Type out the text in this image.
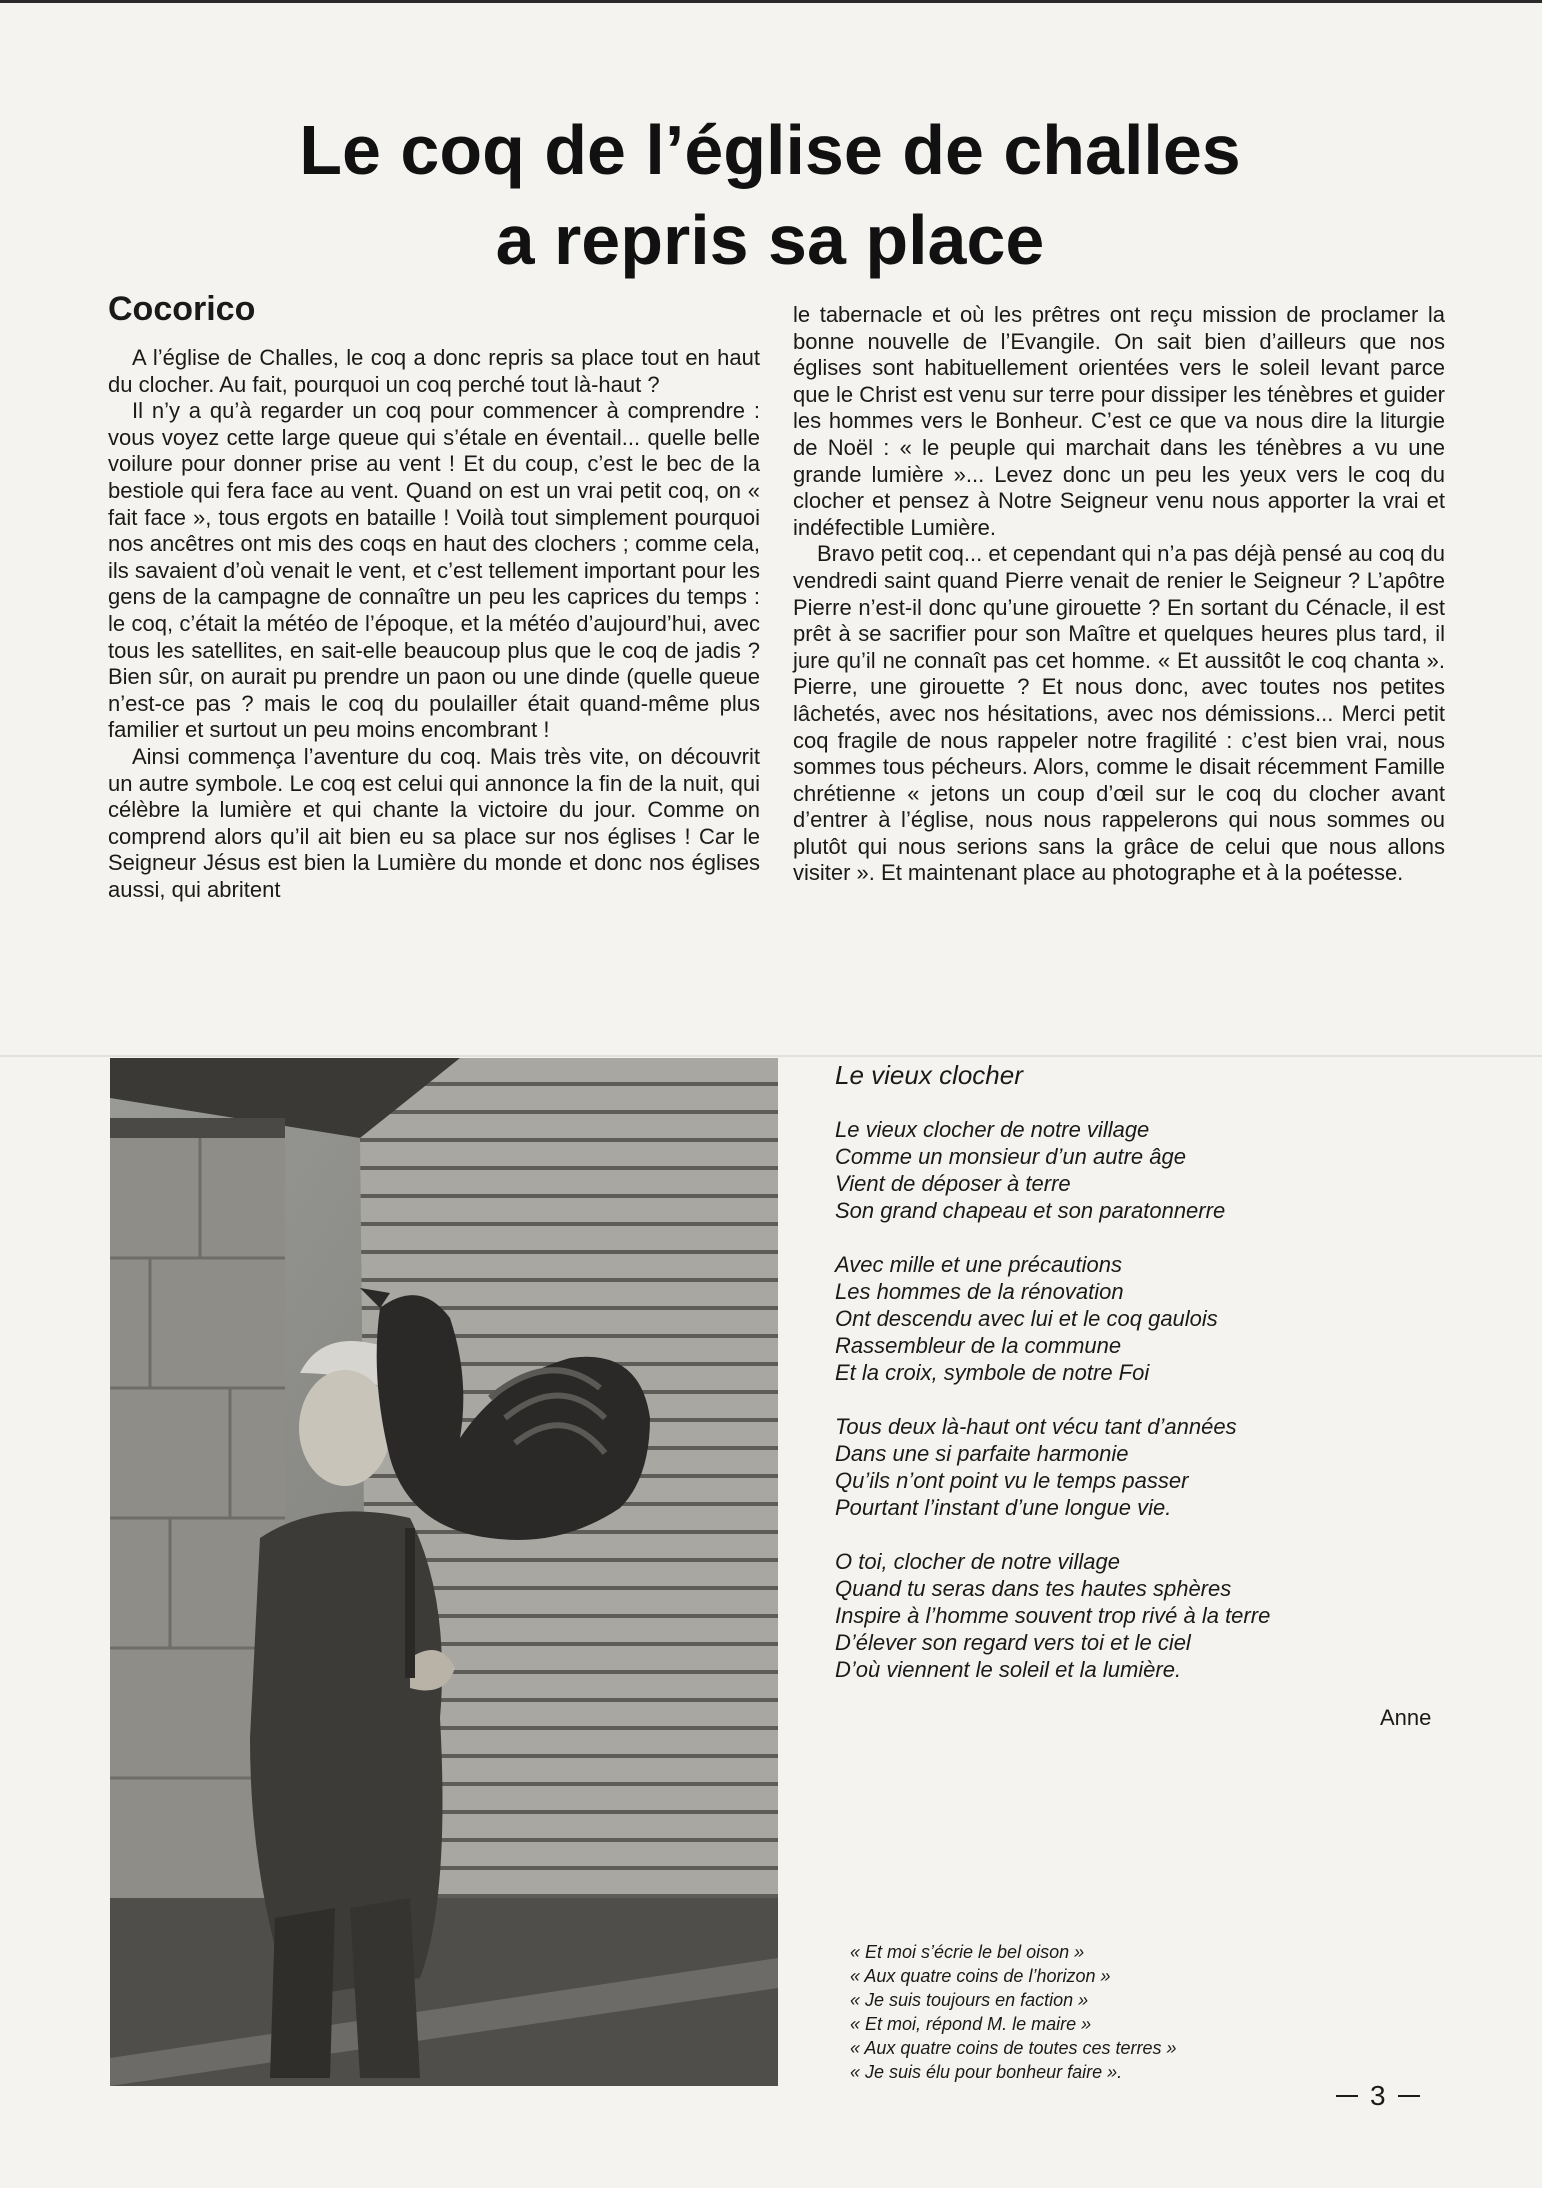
Le coq de l’église de challes
a repris sa place
Cocorico

A l’église de Challes, le coq a donc repris sa place tout en haut du clocher. Au fait, pourquoi un coq perché tout là-haut ?

Il n’y a qu’à regarder un coq pour commencer à comprendre : vous voyez cette large queue qui s’étale en éventail... quelle belle voilure pour donner prise au vent ! Et du coup, c’est le bec de la bestiole qui fera face au vent. Quand on est un vrai petit coq, on « fait face », tous ergots en bataille ! Voilà tout simplement pourquoi nos ancêtres ont mis des coqs en haut des clochers ; comme cela, ils savaient d’où venait le vent, et c’est tellement important pour les gens de la campagne de connaître un peu les caprices du temps : le coq, c’était la météo de l’époque, et la météo d’aujourd’hui, avec tous les satellites, en sait-elle beaucoup plus que le coq de jadis ? Bien sûr, on aurait pu prendre un paon ou une dinde (quelle queue n’est-ce pas ? mais le coq du poulailler était quand-même plus familier et surtout un peu moins encombrant !

Ainsi commença l’aventure du coq. Mais très vite, on découvrit un autre symbole. Le coq est celui qui annonce la fin de la nuit, qui célèbre la lumière et qui chante la victoire du jour. Comme on comprend alors qu’il ait bien eu sa place sur nos églises ! Car le Seigneur Jésus est bien la Lumière du monde et donc nos églises aussi, qui abritent

le tabernacle et où les prêtres ont reçu mission de proclamer la bonne nouvelle de l’Evangile. On sait bien d’ailleurs que nos églises sont habituellement orientées vers le soleil levant parce que le Christ est venu sur terre pour dissiper les ténèbres et guider les hommes vers le Bonheur. C’est ce que va nous dire la liturgie de Noël : « le peuple qui marchait dans les ténèbres a vu une grande lumière »... Levez donc un peu les yeux vers le coq du clocher et pensez à Notre Seigneur venu nous apporter la vrai et indéfectible Lumière.

Bravo petit coq... et cependant qui n’a pas déjà pensé au coq du vendredi saint quand Pierre venait de renier le Seigneur ? L’apôtre Pierre n’est-il donc qu’une girouette ? En sortant du Cénacle, il est prêt à se sacrifier pour son Maître et quelques heures plus tard, il jure qu’il ne connaît pas cet homme. « Et aussitôt le coq chanta ». Pierre, une girouette ? Et nous donc, avec toutes nos petites lâchetés, avec nos hésitations, avec nos démissions... Merci petit coq fragile de nous rappeler notre fragilité : c’est bien vrai, nous sommes tous pécheurs. Alors, comme le disait récemment Famille chrétienne « jetons un coup d’œil sur le coq du clocher avant d’entrer à l’église, nous nous rappelerons qui nous sommes ou plutôt qui nous serions sans la grâce de celui que nous allons visiter ». Et maintenant place au photographe et à la poétesse.

Le vieux clocher
Le vieux clocher de notre village
Comme un monsieur d’un autre âge
Vient de déposer à terre
Son grand chapeau et son paratonnerre
Avec mille et une précautions
Les hommes de la rénovation
Ont descendu avec lui et le coq gaulois
Rassembleur de la commune
Et la croix, symbole de notre Foi
Tous deux là-haut ont vécu tant d’années
Dans une si parfaite harmonie
Qu’ils n’ont point vu le temps passer
Pourtant l’instant d’une longue vie.
O toi, clocher de notre village
Quand tu seras dans tes hautes sphères
Inspire à l’homme souvent trop rivé à la terre
D’élever son regard vers toi et le ciel
D’où viennent le soleil et la lumière.
Anne
« Et moi s’écrie le bel oison »
« Aux quatre coins de l’horizon »
« Je suis toujours en faction »
« Et moi, répond M. le maire »
« Aux quatre coins de toutes ces terres »
« Je suis élu pour bonheur faire ».
3
